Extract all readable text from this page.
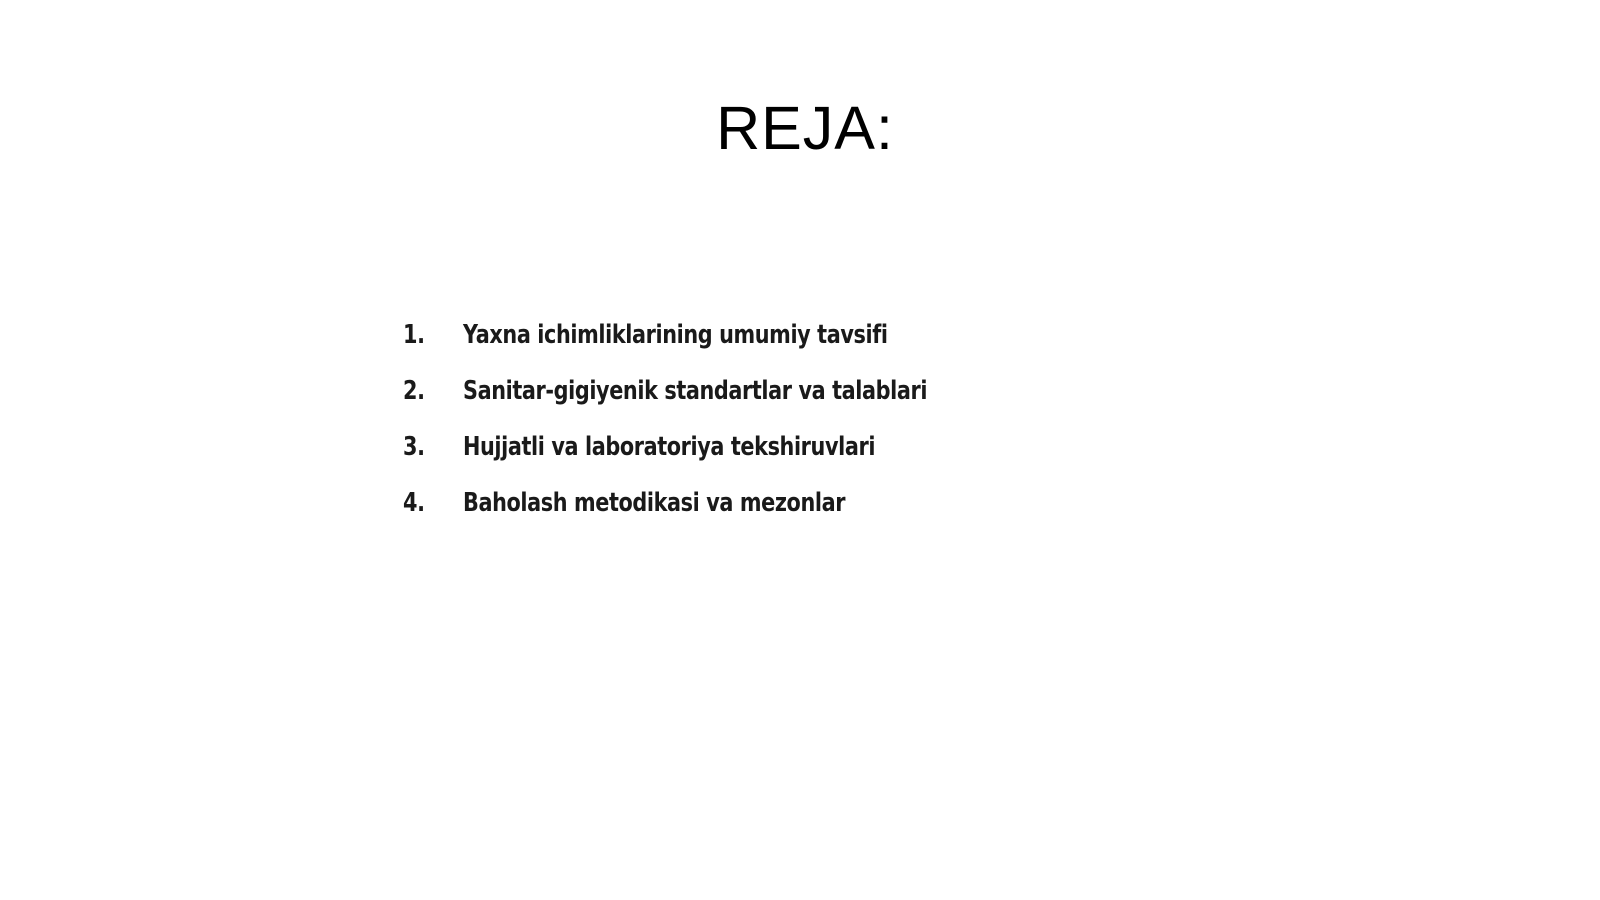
REJA:
1.	Yaxna ichimliklarining umumiy tavsifi
2.	Sanitar-gigiyenik standartlar va talablari
3.	Hujjatli va laboratoriya tekshiruvlari
4.	Baholash metodikasi va mezonlar
